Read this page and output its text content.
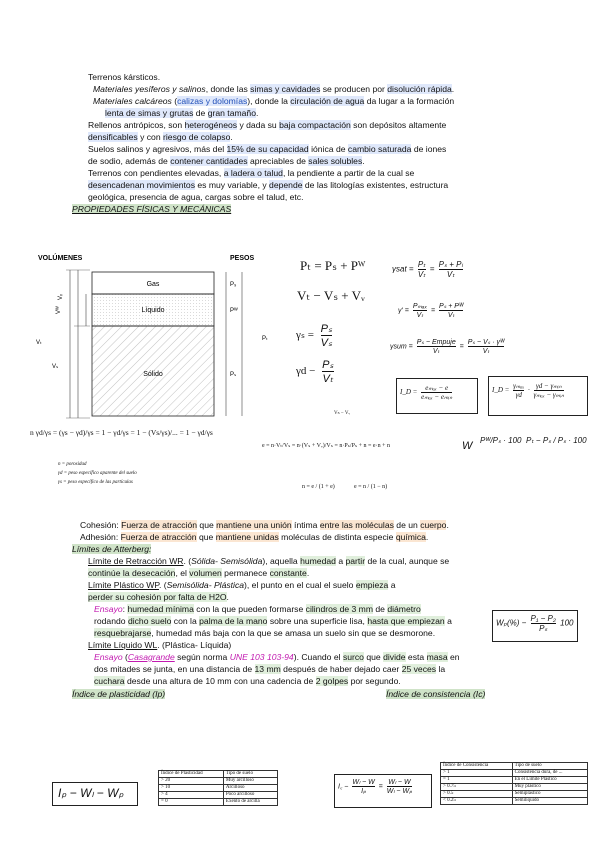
Terrenos kársticos.
Materiales yesíferos y salinos, donde las simas y cavidades se producen por disolución rápida.
Materiales calcáreos (calizas y dolomías), donde la circulación de agua da lugar a la formación
lenta de simas y grutas de gran tamaño.
Rellenos antrópicos, son heterogéneos y dada su baja compactación son depósitos altamente
densificables y con riesgo de colapso.
Suelos salinos y agresivos, más del 15% de su capacidad iónica de cambio saturada de iones
de sodio, además de contener cantidades apreciables de sales solubles.
Terrenos con pendientes elevadas, a ladera o talud, la pendiente a partir de la cual se
desencadenan movimientos es muy variable, y depende de las litologías existentes, estructura
geológica, presencia de agua, cargas sobre el talud, etc.
PROPIEDADES FÍSICAS Y MECÁNICAS
VOLÚMENES	PESOS
Gas
Líquido
Sólido
Vᵥ
Vᵂ
Vₜ
Vₛ
P₉
Pᵂ
Pₜ
Pₛ
Pₜ = Pₛ + Pᵂ
Vₜ − Vₛ + Vᵥ
$\gamma_s = \frac{\text{Pₛ}}{\text{Vₛ}}$
$\gamma d - \frac{\text{Pₛ}}{\text{Vₜ}}$
$\gamma sat = \frac{\text{Pₜ}}{\text{Vₜ}} = \frac{\text{Pₛ + Pₗ}}{\text{Vₜ}}$
γ' =
Pₘₐₓ
Vₜ
= $\frac{\text{Pₛ + Pᵂ}}{\text{Vₜ}}$
γsum =
Pₛ − Empuje
Vₜ
= $\frac{\text{Pₛ − Vₛ · γᵂ}}{\text{Vₜ}}$
I_D =
eₘₐₓ − e
eₘₐₓ − eₘᵢₙ
I_D =
γₘₐₓ
γd
·
γd − γₘᵢₙ
γₘₐₓ − γₘᵢₙ
Vₕ − Vᵥ
n γd/γs = (γs − γd)/γs = 1 − γd/γs = 1 − (Vs/γs)/... = 1 − γd/γs
e = n·Vₜ/Vₛ = n·(Vₛ + Vᵥ)/Vₛ = n·Pₛ/Pₛ + n = e·n + n	W Pᵂ/Pₛ · 100 Pₜ − Pₛ / Pₛ · 100
n = porosidad
γd = peso específico aparente del suelo
γs = peso específico de las partículas
n = e / (1 + e)	e = n / (1 − n)
Cohesión: Fuerza de atracción que mantiene una unión íntima entre las moléculas de un cuerpo.
Adhesión: Fuerza de atracción que mantiene unidas moléculas de distinta especie química.
Límites de Atterberg:
Límite de Retracción WR. (Sólida- Semisólida), aquella humedad a partir de la cual, aunque se
continúe la desecación, el volumen permanece constante.
Límite Plástico WP. (Semisólida- Plástica), el punto en el cual el suelo empieza a
perder su cohesión por falta de H2O.
$W_p(\%) - \frac{\text{P₁ − P₂}}{\text{Pₛ}} 100$
Ensayo: humedad mínima con la que pueden formarse cilindros de 3 mm de diámetro
rodando dicho suelo con la palma de la mano sobre una superficie lisa, hasta que empiezan a
resquebrajarse, humedad más baja con la que se amasa un suelo sin que se desmorone.
Límite Líquido WL. (Plástica- Líquida)
Ensayo (Casagrande según norma UNE 103 103-94). Cuando el surco que divide esta masa en
dos mitades se junta, en una distancia de 13 mm después de haber dejado caer 25 veces la
cuchara desde una altura de 10 mm con una cadencia de 2 golpes por segundo.
Índice de plasticidad (Ip)	Índice de consistencia (Ic)
Iₚ − Wₗ − Wₚ
Índice de Plasticidad	Tipo de suelo
> 20	Muy arcilloso
> 10	Arcilloso
> 4	Poco arcilloso
= 0	Exento de arcilla
I꜀ − $\frac{\text{Wₗ − W}}{\text{Iₚ}} = \frac{\text{Wₗ − W}}{\text{Wₗ − Wₚ}}$
Índice de Consistencia	Tipo de suelo
> 1	Consistencia dura, de ...
= 1	En el Límite Plástico
> 0.75	Muy plástico
> 0.5	Semiplástico
< 0.25	Semilíquido
